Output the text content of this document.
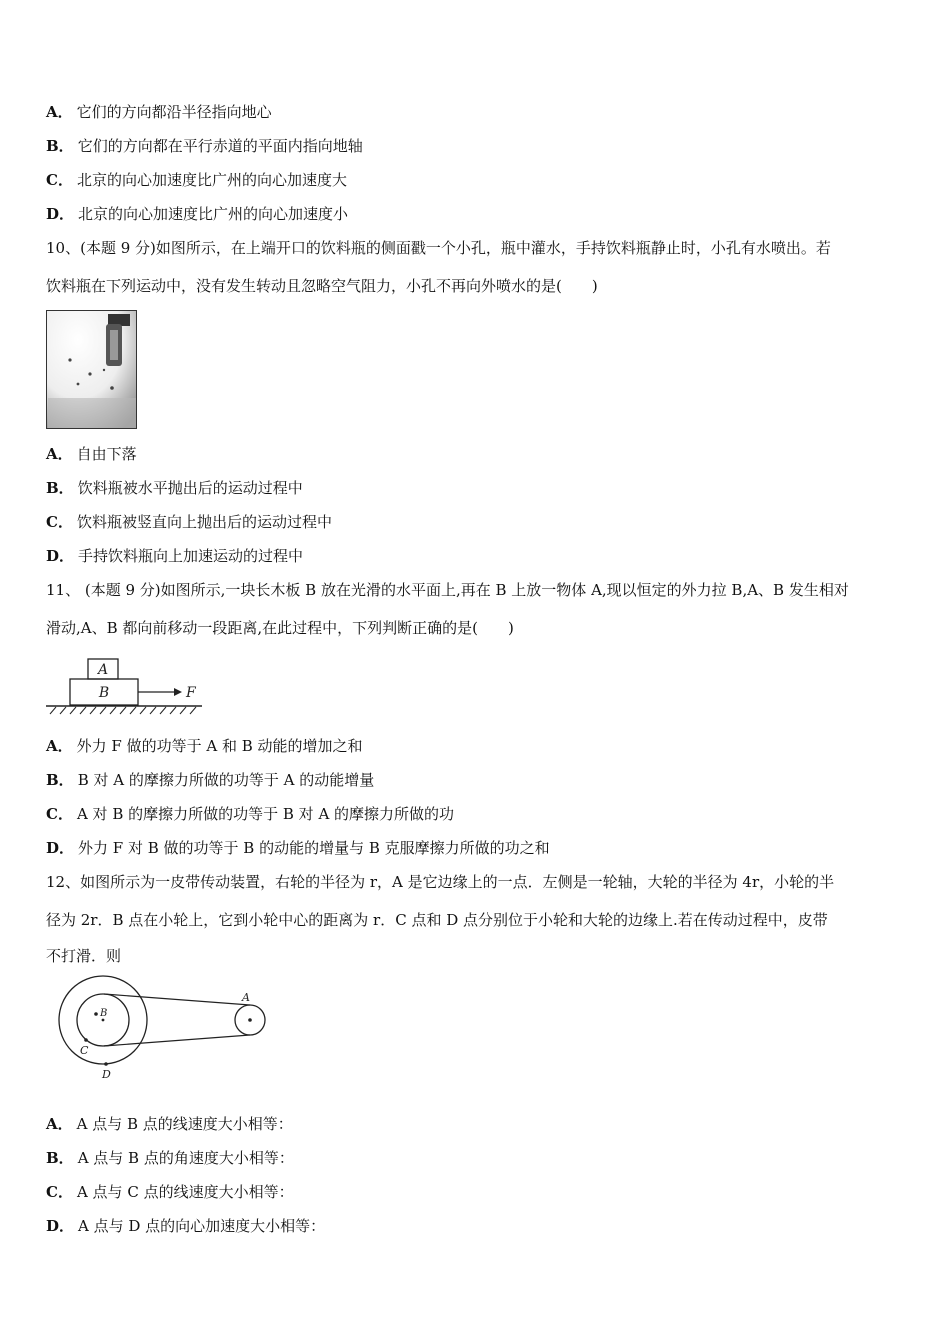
A． 它们的方向都沿半径指向地心
B． 它们的方向都在平行赤道的平面内指向地轴
C． 北京的向心加速度比广州的向心加速度大
D． 北京的向心加速度比广州的向心加速度小
10、(本题 9 分)如图所示，在上端开口的饮料瓶的侧面戳一个小孔，瓶中灌水，手持饮料瓶静止时，小孔有水喷出。若
饮料瓶在下列运动中，没有发生转动且忽略空气阻力，小孔不再向外喷水的是(　　)
A． 自由下落
B． 饮料瓶被水平抛出后的运动过程中
C． 饮料瓶被竖直向上抛出后的运动过程中
D． 手持饮料瓶向上加速运动的过程中
11、 (本题 9 分)如图所示,一块长木板 B 放在光滑的水平面上,再在 B 上放一物体 A,现以恒定的外力拉 B,A、B 发生相对
滑动,A、B 都向前移动一段距离,在此过程中，下列判断正确的是(　　)
A
B	F
A． 外力 F 做的功等于 A 和 B 动能的增加之和
B． B 对 A 的摩擦力所做的功等于 A 的动能增量
C． A 对 B 的摩擦力所做的功等于 B 对 A 的摩擦力所做的功
D． 外力 F 对 B 做的功等于 B 的动能的增量与 B 克服摩擦力所做的功之和
12、如图所示为一皮带传动装置，右轮的半径为 r，A 是它边缘上的一点．左侧是一轮轴，大轮的半径为 4r，小轮的半
径为 2r．B 点在小轮上，它到小轮中心的距离为 r．C 点和 D 点分别位于小轮和大轮的边缘上.若在传动过程中，皮带
不打滑．则
A
B
C
D
A． A 点与 B 点的线速度大小相等：
B． A 点与 B 点的角速度大小相等：
C． A 点与 C 点的线速度大小相等：
D． A 点与 D 点的向心加速度大小相等：
